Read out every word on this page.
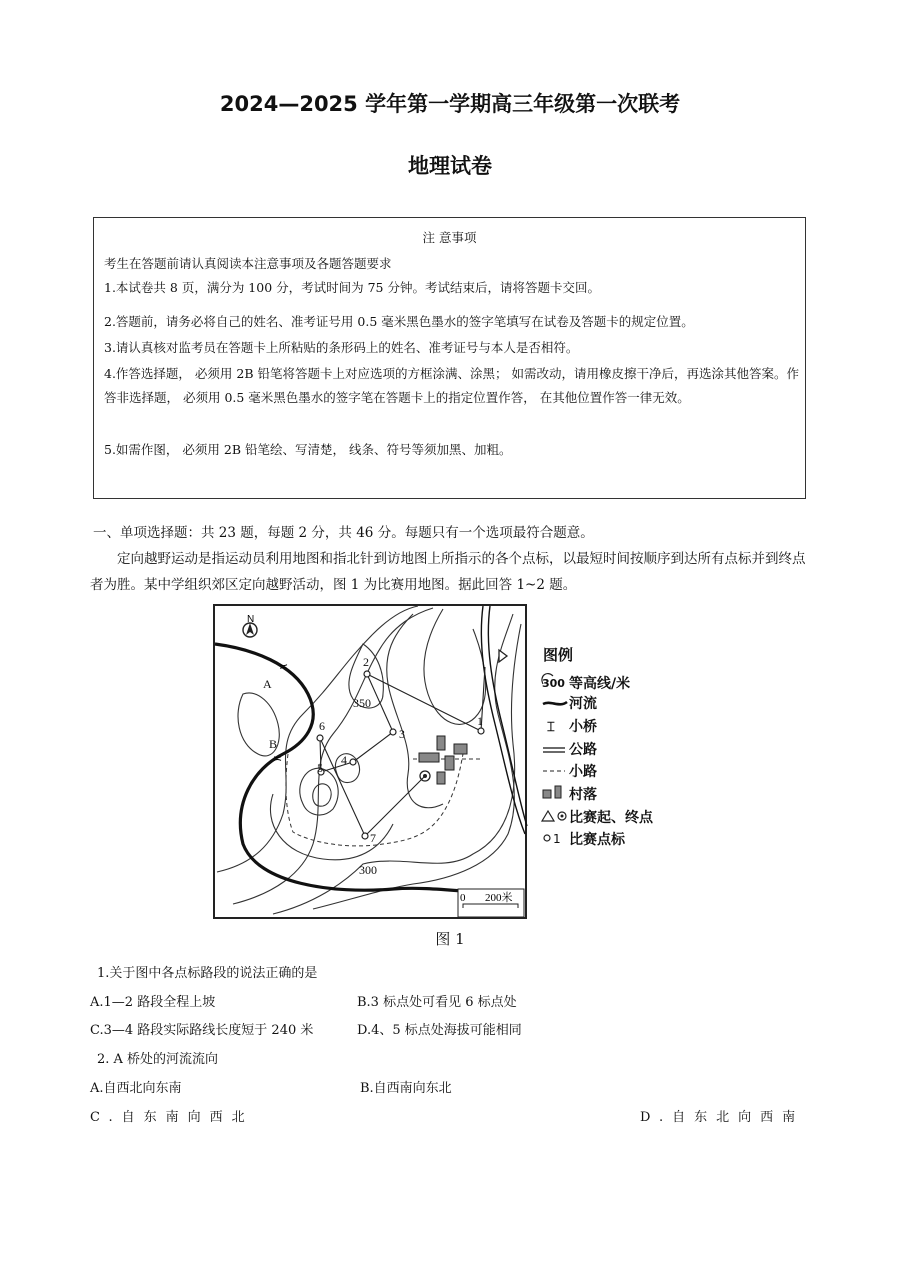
2024—2025 学年第一学期高三年级第一次联考
地理试卷
注 意事项
考生在答题前请认真阅读本注意事项及各题答题要求
1.本试卷共 8 页，满分为 100 分，考试时间为 75 分钟。考试结束后，请将答题卡交回。
2.答题前，请务必将自己的姓名、准考证号用 0.5 毫米黑色墨水的签字笔填写在试卷及答题卡的规定位置。
3.请认真核对监考员在答题卡上所粘贴的条形码上的姓名、准考证号与本人是否相符。
4.作答选择题， 必须用 2B 铅笔将答题卡上对应选项的方框涂满、涂黑； 如需改动，请用橡皮擦干净后，再选涂其他答案。作答非选择题， 必须用 0.5 毫米黑色墨水的签字笔在答题卡上的指定位置作答， 在其他位置作答一律无效。
5.如需作图， 必须用 2B 铅笔绘、写清楚， 线条、符号等须加黑、加粗。
一、单项选择题：共 23 题，每题 2 分，共 46 分。每题只有一个选项最符合题意。
定向越野运动是指运动员利用地图和指北针到访地图上所指示的各个点标，以最短时间按顺序到达所有点标并到终点者为胜。某中学组织郊区定向越野活动，图 1 为比赛用地图。据此回答 1~2 题。
N
1
2
3
4
5
6
7
350
300
A
B
≍
≍
0 200米
图例
300 等高线/米
河流
⌶ 小桥
公路
小路
村落
比赛起、终点
1 比赛点标
图 1
1.关于图中各点标路段的说法正确的是
A.1—2 路段全程上坡	B.3 标点处可看见 6 标点处
C.3—4 路段实际路线长度短于 240 米	D.4、5 标点处海拔可能相同
2. A 桥处的河流流向
A.自西北向东南	B.自西南向东北
C.自东南向西北	D.自东北向西南
